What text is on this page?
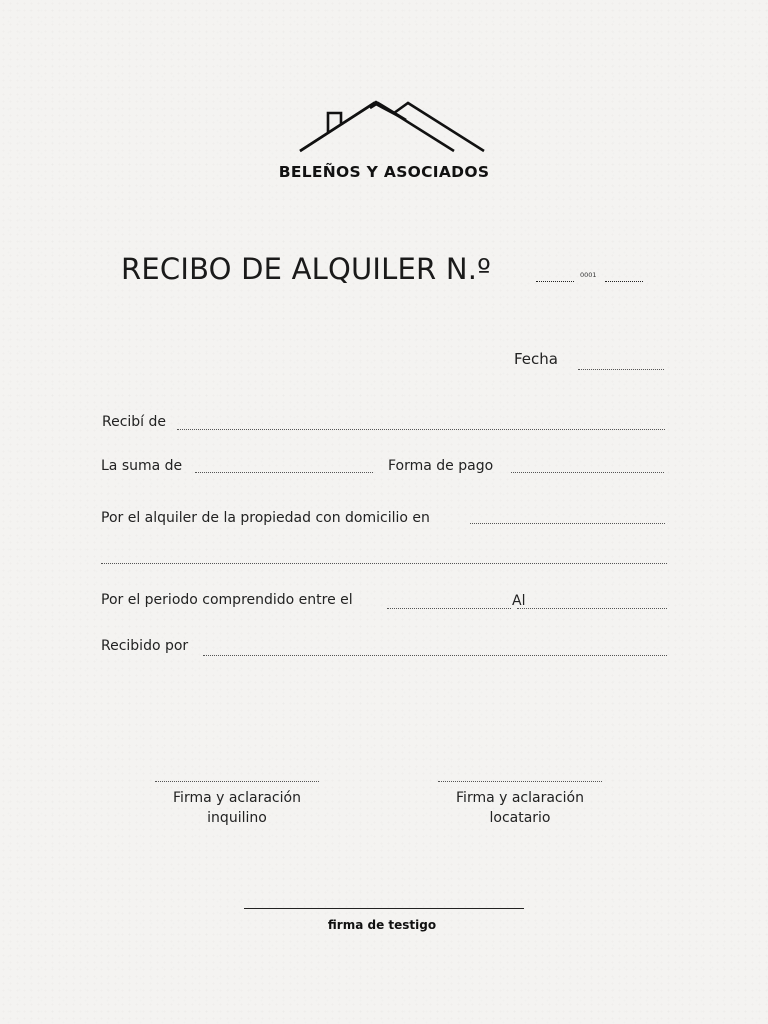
BELEÑOS Y ASOCIADOS
RECIBO DE ALQUILER N.º	0001
Fecha
Recibí de
La suma de	Forma de pago
Por el alquiler de la propiedad con domicilio en
Por el periodo comprendido entre el	Al
Recibido por
Firma y aclaración
inquilino
Firma y aclaración
locatario
firma de testigo
